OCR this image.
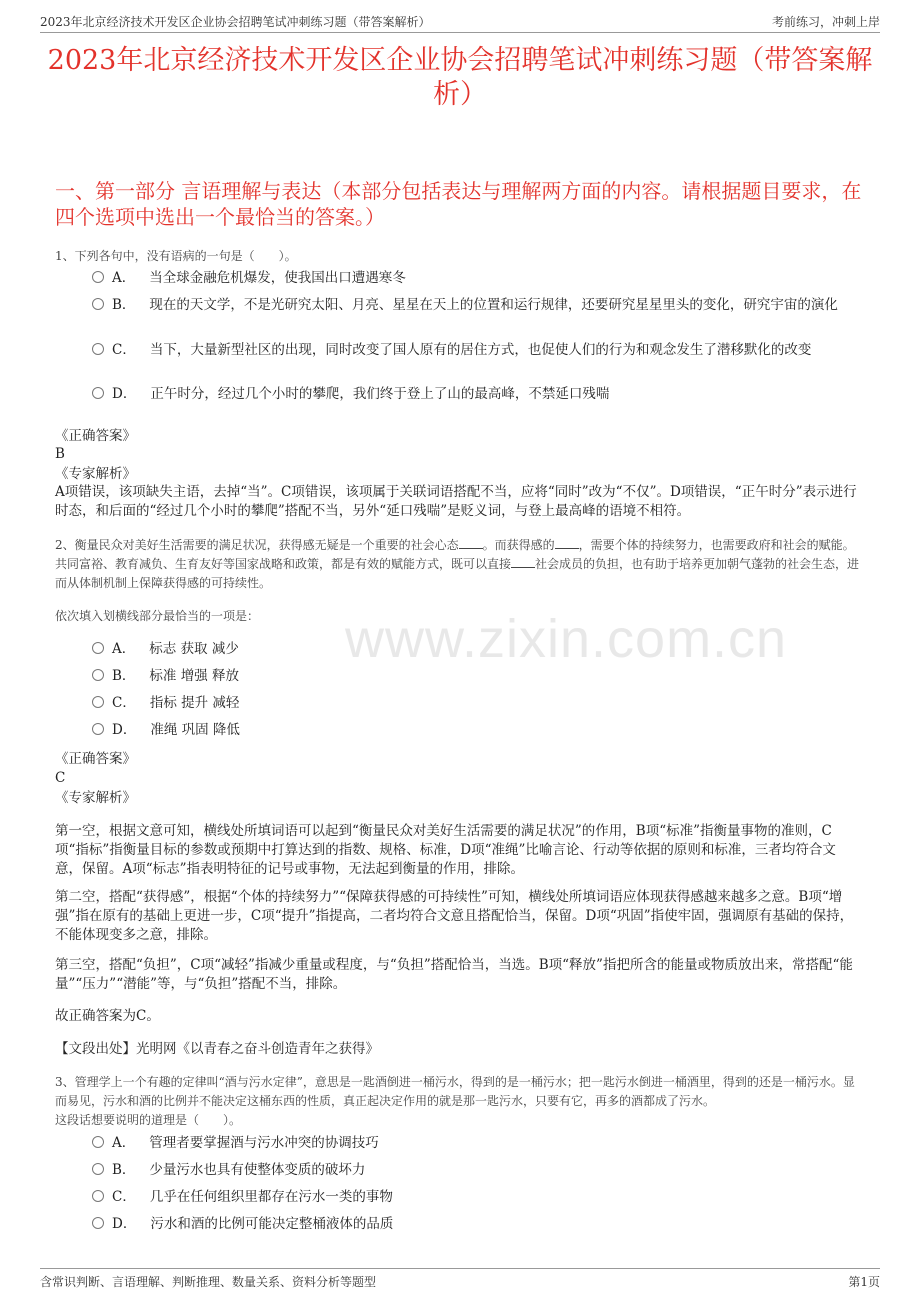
2023年北京经济技术开发区企业协会招聘笔试冲刺练习题（带答案解析）	考前练习，冲刺上岸
2023年北京经济技术开发区企业协会招聘笔试冲刺练习题（带答案解析）
一、第一部分 言语理解与表达（本部分包括表达与理解两方面的内容。请根据题目要求，在四个选项中选出一个最恰当的答案。）
www.zixin.com.cn
1、下列各句中，没有语病的一句是（　　）。
A． 当全球金融危机爆发，使我国出口遭遇寒冬
B． 现在的天文学，不是光研究太阳、月亮、星星在天上的位置和运行规律，还要研究星星里头的变化，研究宇宙的演化
C． 当下，大量新型社区的出现，同时改变了国人原有的居住方式，也促使人们的行为和观念发生了潜移默化的改变
D． 正午时分，经过几个小时的攀爬，我们终于登上了山的最高峰，不禁延口残喘
《正确答案》
B
《专家解析》
A项错误，该项缺失主语，去掉“当”。C项错误，该项属于关联词语搭配不当，应将“同时”改为“不仅”。D项错误，“正午时分”表示进行时态，和后面的“经过几个小时的攀爬”搭配不当，另外“延口残喘”是贬义词，与登上最高峰的语境不相符。
2、衡量民众对美好生活需要的满足状况，获得感无疑是一个重要的社会心态 。而获得感的 ，需要个体的持续努力，也需要政府和社会的赋能。共同富裕、教育减负、生育友好等国家战略和政策，都是有效的赋能方式，既可以直接 社会成员的负担，也有助于培养更加朝气蓬勃的社会生态，进而从体制机制上保障获得感的可持续性。
依次填入划横线部分最恰当的一项是：
A． 标志 获取 减少
B． 标准 增强 释放
C． 指标 提升 减轻
D． 准绳 巩固 降低
《正确答案》
C
《专家解析》
第一空，根据文意可知，横线处所填词语可以起到“衡量民众对美好生活需要的满足状况”的作用，B项“标准”指衡量事物的准则，C项“指标”指衡量目标的参数或预期中打算达到的指数、规格、标准，D项“准绳”比喻言论、行动等依据的原则和标准，三者均符合文意，保留。A项“标志”指表明特征的记号或事物，无法起到衡量的作用，排除。
第二空，搭配“获得感”，根据“个体的持续努力”“保障获得感的可持续性”可知，横线处所填词语应体现获得感越来越多之意。B项“增强”指在原有的基础上更进一步，C项“提升”指提高，二者均符合文意且搭配恰当，保留。D项“巩固”指使牢固，强调原有基础的保持，不能体现变多之意，排除。
第三空，搭配“负担”，C项“减轻”指减少重量或程度，与“负担”搭配恰当，当选。B项“释放”指把所含的能量或物质放出来，常搭配“能量”“压力”“潜能”等，与“负担”搭配不当，排除。
故正确答案为C。
【文段出处】光明网《以青春之奋斗创造青年之获得》
3、管理学上一个有趣的定律叫“酒与污水定律”，意思是一匙酒倒进一桶污水，得到的是一桶污水；把一匙污水倒进一桶酒里，得到的还是一桶污水。显而易见，污水和酒的比例并不能决定这桶东西的性质，真正起决定作用的就是那一匙污水，只要有它，再多的酒都成了污水。
这段话想要说明的道理是（　　）。
A． 管理者要掌握酒与污水冲突的协调技巧
B． 少量污水也具有使整体变质的破坏力
C． 几乎在任何组织里都存在污水一类的事物
D． 污水和酒的比例可能决定整桶液体的品质
含常识判断、言语理解、判断推理、数量关系、资料分析等题型	第1页
